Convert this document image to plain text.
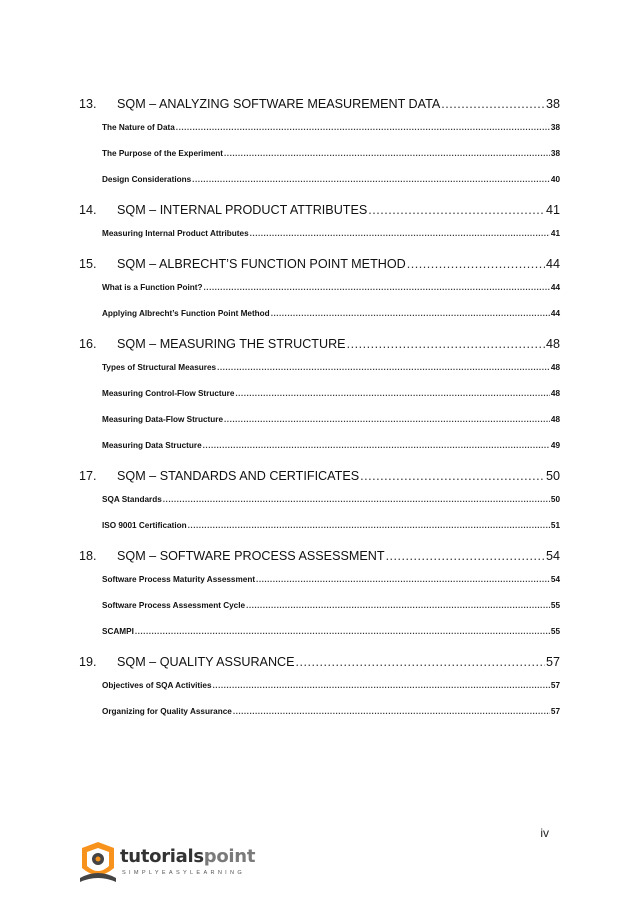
13.	SQM – ANALYZING SOFTWARE MEASUREMENT DATA .....	38
The Nature of Data .....	38
The Purpose of the Experiment .....	38
Design Considerations .....	40
14.	SQM – INTERNAL PRODUCT ATTRIBUTES .....	41
Measuring Internal Product Attributes .....	41
15.	SQM – ALBRECHT’S FUNCTION POINT METHOD .....	44
What is a Function Point? .....	44
Applying Albrecht’s Function Point Method .....	44
16.	SQM – MEASURING THE STRUCTURE .....	48
Types of Structural Measures .....	48
Measuring Control-Flow Structure .....	48
Measuring Data-Flow Structure .....	48
Measuring Data Structure .....	49
17.	SQM – STANDARDS AND CERTIFICATES .....	50
SQA Standards .....	50
ISO 9001 Certification .....	51
18.	SQM – SOFTWARE PROCESS ASSESSMENT .....	54
Software Process Maturity Assessment .....	54
Software Process Assessment Cycle .....	55
SCAMPI .....	55
19.	SQM – QUALITY ASSURANCE .....	57
Objectives of SQA Activities .....	57
Organizing for Quality Assurance .....	57
iv
tutorialspoint
SIMPLYEASYLEARNING
